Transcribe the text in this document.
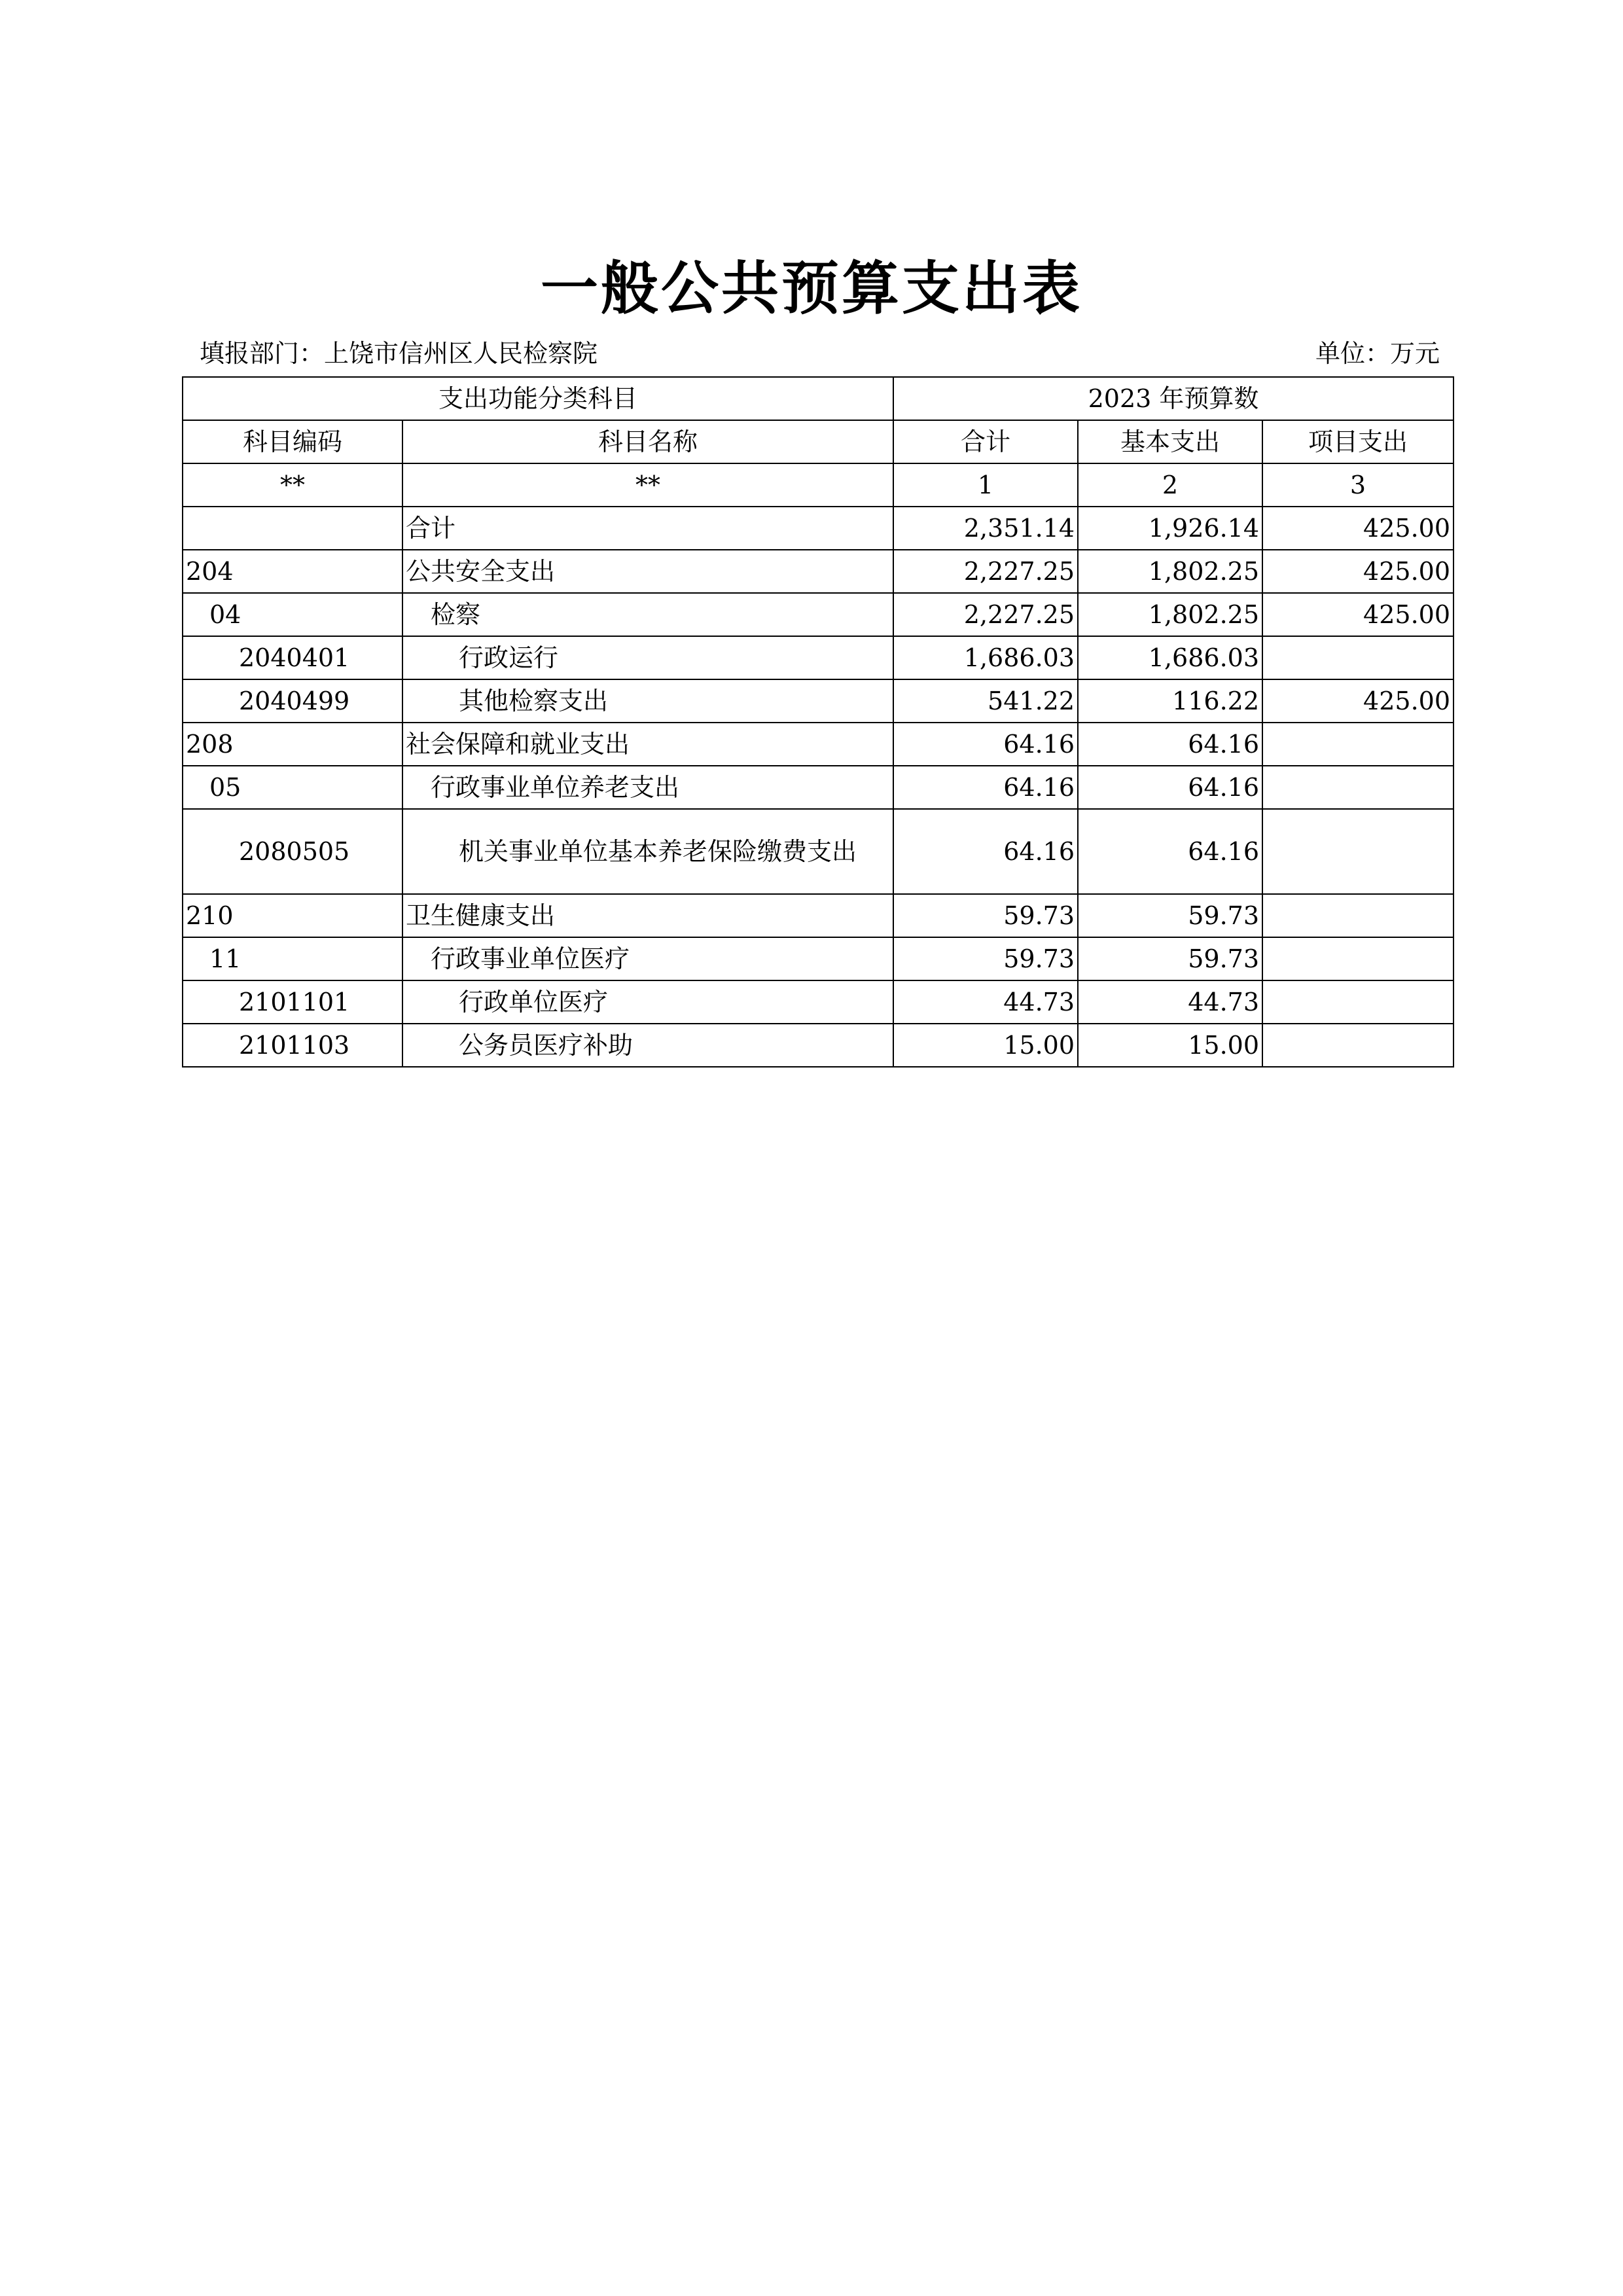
一般公共预算支出表
填报部门：上饶市信州区人民检察院	单位：万元
支出功能分类科目		2023 年预算数		
科目编码	科目名称	合计	基本支出	项目支出
**	**	1	2	3
	合计	2,351.14	1,926.14	425.00
204	公共安全支出	2,227.25	1,802.25	425.00
04	检察	2,227.25	1,802.25	425.00
2040401	行政运行	1,686.03	1,686.03	
2040499	其他检察支出	541.22	116.22	425.00
208	社会保障和就业支出	64.16	64.16	
05	行政事业单位养老支出	64.16	64.16	
2080505	机关事业单位基本养老保险缴费支出	64.16	64.16	
210	卫生健康支出	59.73	59.73	
11	行政事业单位医疗	59.73	59.73	
2101101	行政单位医疗	44.73	44.73	
2101103	公务员医疗补助	15.00	15.00	
